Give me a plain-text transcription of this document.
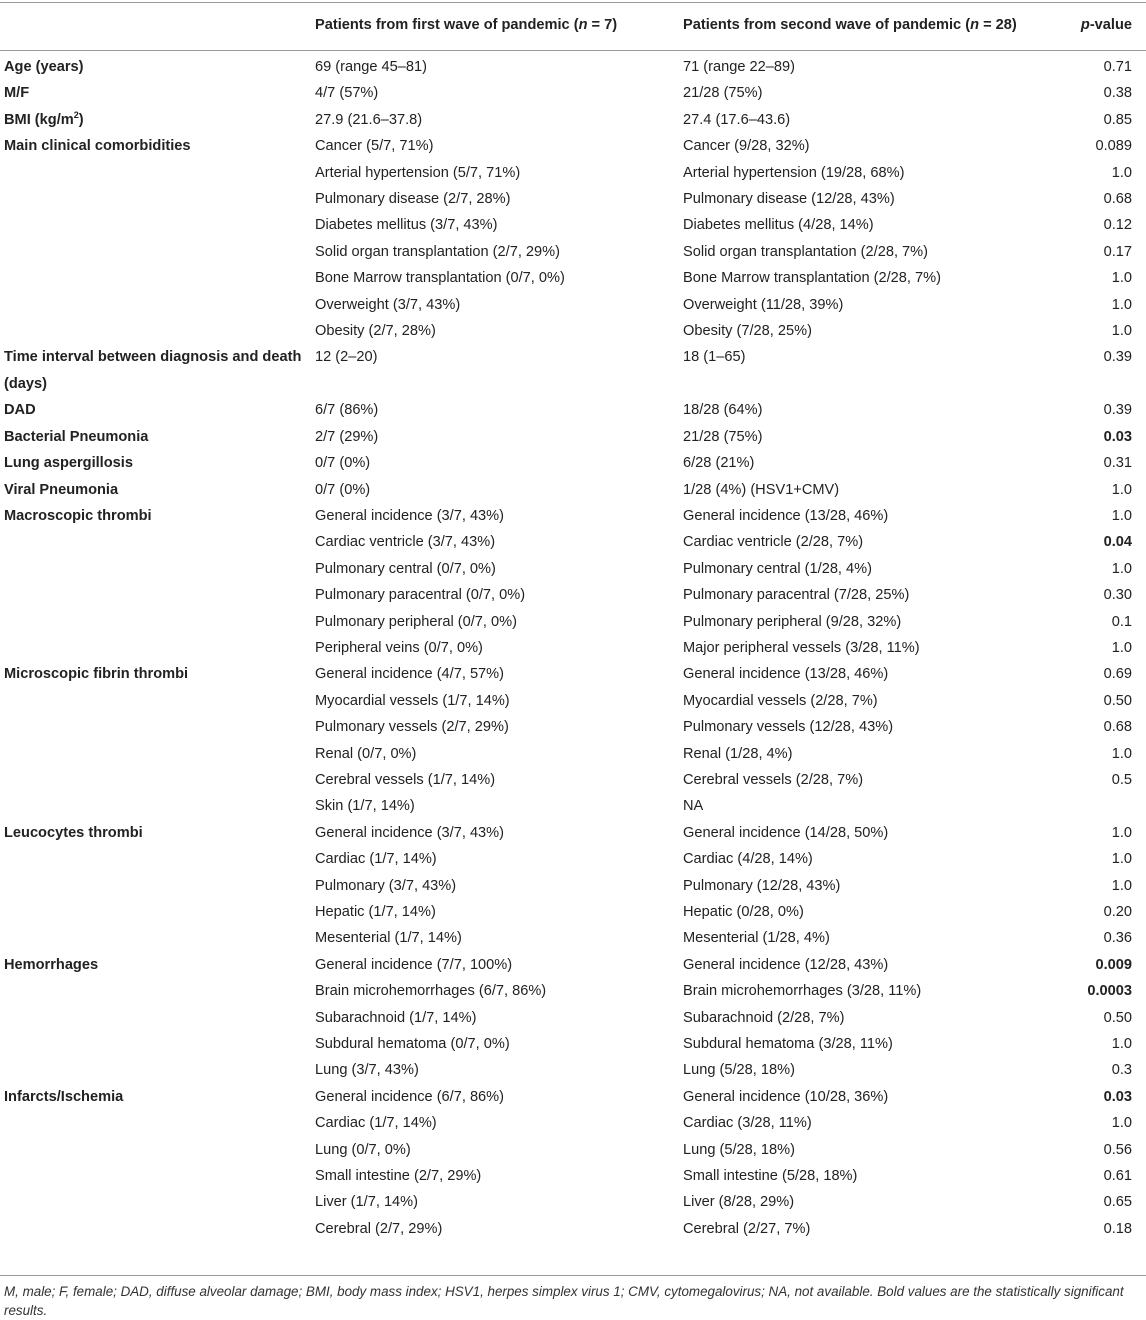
	Patients from first wave of pandemic (n = 7)	Patients from second wave of pandemic (n = 28)	p-value
Age (years)	69 (range 45–81)	71 (range 22–89)	0.71
M/F	4/7 (57%)	21/28 (75%)	0.38
BMI $(kg/m^2)$	27.9 (21.6–37.8)	27.4 (17.6–43.6)	0.85
Main clinical comorbidities	Cancer (5/7, 71%)	Cancer (9/28, 32%)	0.089
	Arterial hypertension (5/7, 71%)	Arterial hypertension (19/28, 68%)	1.0
	Pulmonary disease (2/7, 28%)	Pulmonary disease (12/28, 43%)	0.68
	Diabetes mellitus (3/7, 43%)	Diabetes mellitus (4/28, 14%)	0.12
	Solid organ transplantation (2/7, 29%)	Solid organ transplantation (2/28, 7%)	0.17
	Bone Marrow transplantation (0/7, 0%)	Bone Marrow transplantation (2/28, 7%)	1.0
	Overweight (3/7, 43%)	Overweight (11/28, 39%)	1.0
	Obesity (2/7, 28%)	Obesity (7/28, 25%)	1.0
Time interval between diagnosis and death (days)	12 (2–20)	18 (1–65)	0.39
DAD	6/7 (86%)	18/28 (64%)	0.39
Bacterial Pneumonia	2/7 (29%)	21/28 (75%)	0.03
Lung aspergillosis	0/7 (0%)	6/28 (21%)	0.31
Viral Pneumonia	0/7 (0%)	1/28 (4%) (HSV1+CMV)	1.0
Macroscopic thrombi	General incidence (3/7, 43%)	General incidence (13/28, 46%)	1.0
	Cardiac ventricle (3/7, 43%)	Cardiac ventricle (2/28, 7%)	0.04
	Pulmonary central (0/7, 0%)	Pulmonary central (1/28, 4%)	1.0
	Pulmonary paracentral (0/7, 0%)	Pulmonary paracentral (7/28, 25%)	0.30
	Pulmonary peripheral (0/7, 0%)	Pulmonary peripheral (9/28, 32%)	0.1
	Peripheral veins (0/7, 0%)	Major peripheral vessels (3/28, 11%)	1.0
Microscopic fibrin thrombi	General incidence (4/7, 57%)	General incidence (13/28, 46%)	0.69
	Myocardial vessels (1/7, 14%)	Myocardial vessels (2/28, 7%)	0.50
	Pulmonary vessels (2/7, 29%)	Pulmonary vessels (12/28, 43%)	0.68
	Renal (0/7, 0%)	Renal (1/28, 4%)	1.0
	Cerebral vessels (1/7, 14%)	Cerebral vessels (2/28, 7%)	0.5
	Skin (1/7, 14%)	NA	
Leucocytes thrombi	General incidence (3/7, 43%)	General incidence (14/28, 50%)	1.0
	Cardiac (1/7, 14%)	Cardiac (4/28, 14%)	1.0
	Pulmonary (3/7, 43%)	Pulmonary (12/28, 43%)	1.0
	Hepatic (1/7, 14%)	Hepatic (0/28, 0%)	0.20
	Mesenterial (1/7, 14%)	Mesenterial (1/28, 4%)	0.36
Hemorrhages	General incidence (7/7, 100%)	General incidence (12/28, 43%)	0.009
	Brain microhemorrhages (6/7, 86%)	Brain microhemorrhages (3/28, 11%)	0.0003
	Subarachnoid (1/7, 14%)	Subarachnoid (2/28, 7%)	0.50
	Subdural hematoma (0/7, 0%)	Subdural hematoma (3/28, 11%)	1.0
	Lung (3/7, 43%)	Lung (5/28, 18%)	0.3
Infarcts/Ischemia	General incidence (6/7, 86%)	General incidence (10/28, 36%)	0.03
	Cardiac (1/7, 14%)	Cardiac (3/28, 11%)	1.0
	Lung (0/7, 0%)	Lung (5/28, 18%)	0.56
	Small intestine (2/7, 29%)	Small intestine (5/28, 18%)	0.61
	Liver (1/7, 14%)	Liver (8/28, 29%)	0.65
	Cerebral (2/7, 29%)	Cerebral (2/27, 7%)	0.18
M, male; F, female; DAD, diffuse alveolar damage; BMI, body mass index; HSV1, herpes simplex virus 1; CMV, cytomegalovirus; NA, not available. Bold values are the statistically significant results.
